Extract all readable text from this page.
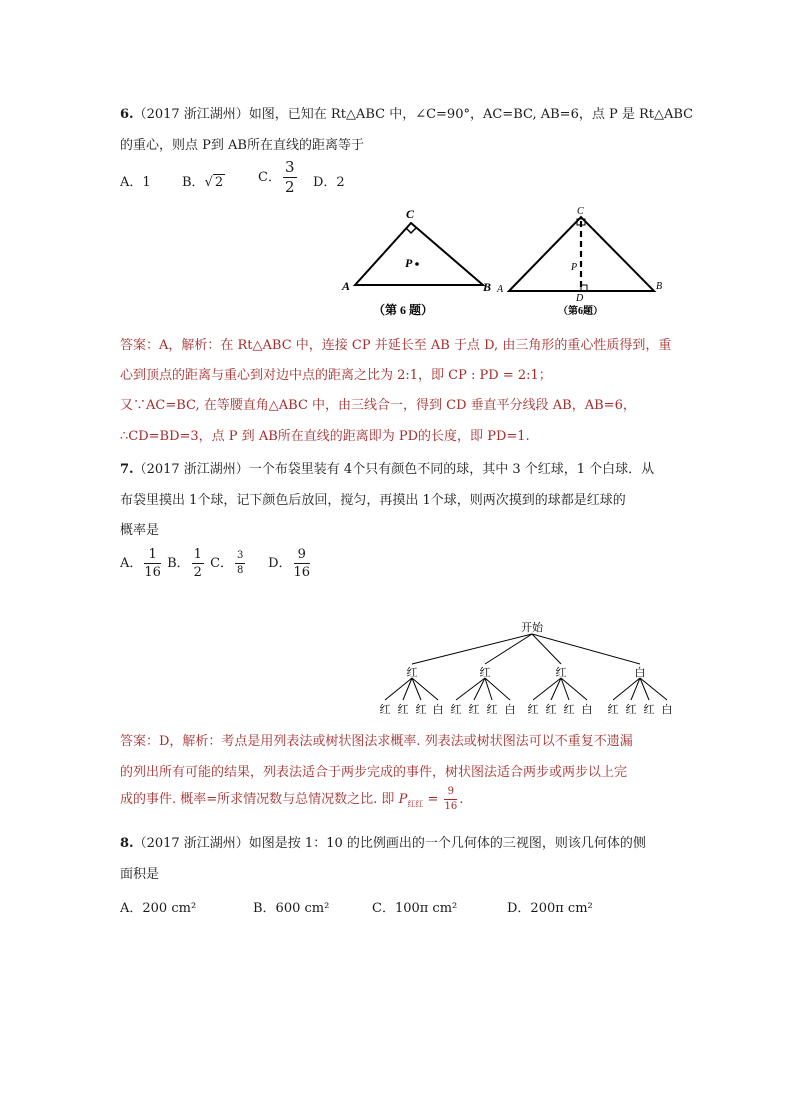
6.（2017 浙江湖州）如图，已知在 Rt△ABC 中，∠C=90°，AC=BC, AB=6，点 P 是 Rt△ABC
的重心，则点 P到 AB所在直线的距离等于
A．1 B．√ 2	C． $\frac{3}{2}$ D．2
C
A	B
P
（第 6 题）
C
A	B
P
D
（第6题）
答案：A，解析：在 Rt△ABC 中，连接 CP 并延长至 AB 于点 D, 由三角形的重心性质得到，重
心到顶点的距离与重心到对边中点的距离之比为 2:1，即 CP : PD = 2:1；
又∵AC=BC, 在等腰直角△ABC 中，由三线合一，得到 CD 垂直平分线段 AB，AB=6，
∴CD=BD=3，点 P 到 AB所在直线的距离即为 PD的长度，即 PD=1.
7.（2017 浙江湖州）一个布袋里装有 4个只有颜色不同的球，其中 3 个红球，1 个白球．从
布袋里摸出 1个球，记下颜色后放回，搅匀，再摸出 1个球，则两次摸到的球都是红球的
概率是
A． $\frac{1}{16}$ B． $\frac{1}{2}$ C． $\frac{3}{8}$ D． $\frac{9}{16}$
开始
红	红	红	白
红 红 红 白 红 红 红 白 红 红 红 白 红 红 红 白
答案：D，解析：考点是用列表法或树状图法求概率. 列表法或树状图法可以不重复不遗漏
的列出所有可能的结果，列表法适合于两步完成的事件，树状图法适合两步或两步以上完
成的事件. 概率=所求情况数与总情况数之比. 即 $P_{红红} = \frac{9}{16}$ .
8.（2017 浙江湖州）如图是按 1：10 的比例画出的一个几何体的三视图，则该几何体的侧
面积是
A．200 cm²	B．600 cm²	C．100π cm²	D．200π cm²
